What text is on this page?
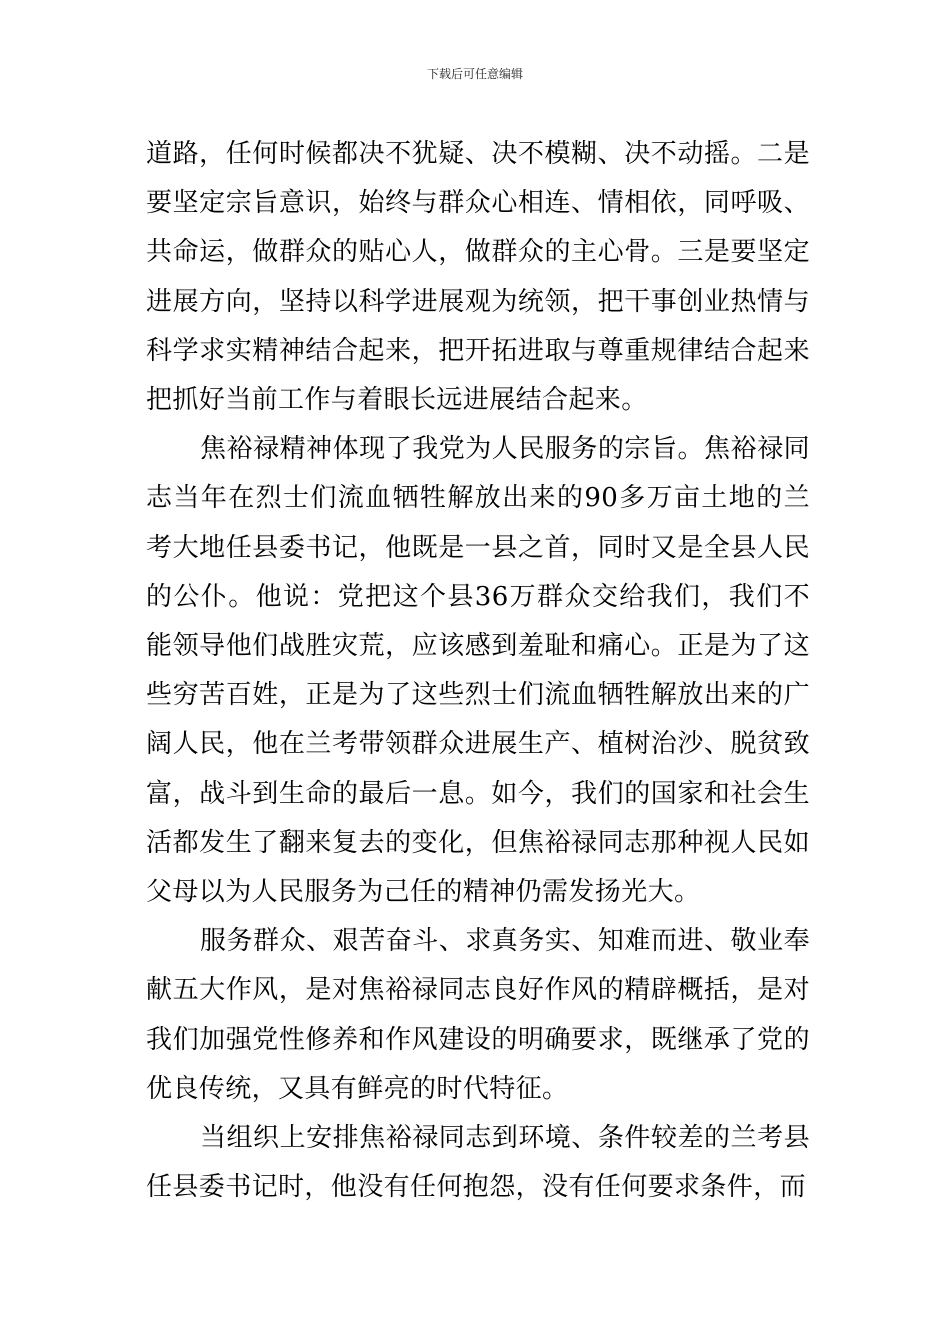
下载后可任意编辑

道路，任何时候都决不犹疑、决不模糊、决不动摇。二是要坚定宗旨意识，始终与群众心相连、情相依，同呼吸、共命运，做群众的贴心人，做群众的主心骨。三是要坚定进展方向，坚持以科学进展观为统领，把干事创业热情与科学求实精神结合起来，把开拓进取与尊重规律结合起来把抓好当前工作与着眼长远进展结合起来。

焦裕禄精神体现了我党为人民服务的宗旨。焦裕禄同志当年在烈士们流血牺牲解放出来的90多万亩土地的兰考大地任县委书记，他既是一县之首，同时又是全县人民的公仆。他说：党把这个县36万群众交给我们，我们不能领导他们战胜灾荒，应该感到羞耻和痛心。正是为了这些穷苦百姓，正是为了这些烈士们流血牺牲解放出来的广阔人民，他在兰考带领群众进展生产、植树治沙、脱贫致富，战斗到生命的最后一息。如今，我们的国家和社会生活都发生了翻来复去的变化，但焦裕禄同志那种视人民如父母以为人民服务为己任的精神仍需发扬光大。

服务群众、艰苦奋斗、求真务实、知难而进、敬业奉献五大作风，是对焦裕禄同志良好作风的精辟概括，是对我们加强党性修养和作风建设的明确要求，既继承了党的优良传统，又具有鲜亮的时代特征。

当组织上安排焦裕禄同志到环境、条件较差的兰考县任县委书记时，他没有任何抱怨，没有任何要求条件，而
